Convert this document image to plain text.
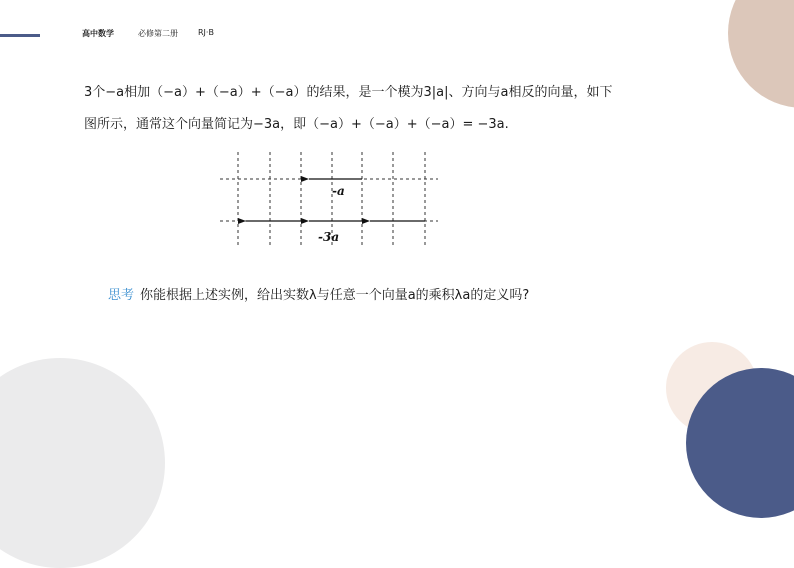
高中数学	必修第二册	RJ·B
3个−a相加（−a）+（−a）+（−a）的结果，是一个模为3|a|、方向与a相反的向量，如下
图所示，通常这个向量简记为−3a，即（−a）+（−a）+（−a）= −3a.
-a
-3a
思考 你能根据上述实例，给出实数λ与任意一个向量a的乘积λa的定义吗?
